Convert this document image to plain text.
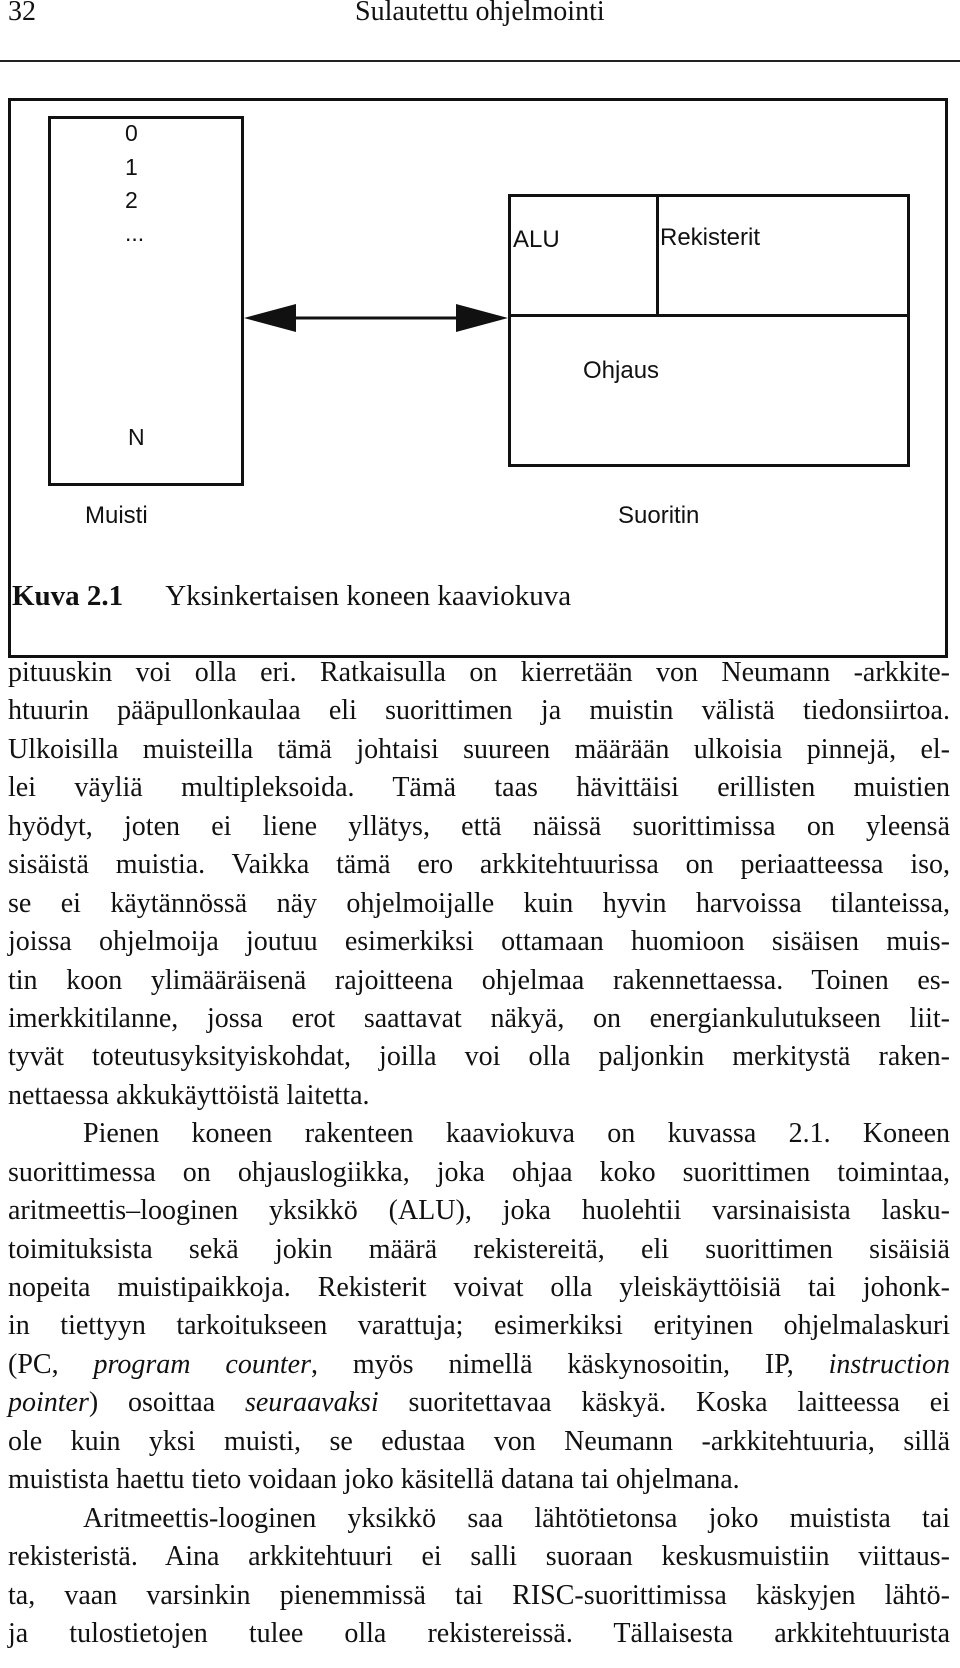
32	Sulautettu ohjelmointi
0
1
2
...
N
Muisti
ALU	Rekisterit
Ohjaus
Suoritin
Kuva 2.1 Yksinkertaisen koneen kaaviokuva
pituuskin voi olla eri. Ratkaisulla on kierretään von Neumann -arkkite-
htuurin pääpullonkaulaa eli suorittimen ja muistin välistä tiedonsiirtoa.
Ulkoisilla muisteilla tämä johtaisi suureen määrään ulkoisia pinnejä, el-
lei väyliä multipleksoida. Tämä taas hävittäisi erillisten muistien
hyödyt, joten ei liene yllätys, että näissä suorittimissa on yleensä
sisäistä muistia. Vaikka tämä ero arkkitehtuurissa on periaatteessa iso,
se ei käytännössä näy ohjelmoijalle kuin hyvin harvoissa tilanteissa,
joissa ohjelmoija joutuu esimerkiksi ottamaan huomioon sisäisen muis-
tin koon ylimääräisenä rajoitteena ohjelmaa rakennettaessa. Toinen es-
imerkkitilanne, jossa erot saattavat näkyä, on energiankulutukseen liit-
tyvät toteutusyksityiskohdat, joilla voi olla paljonkin merkitystä raken-
nettaessa akkukäyttöistä laitetta.
Pienen koneen rakenteen kaaviokuva on kuvassa 2.1. Koneen
suorittimessa on ohjauslogiikka, joka ohjaa koko suorittimen toimintaa,
aritmeettis–looginen yksikkö (ALU), joka huolehtii varsinaisista lasku-
toimituksista sekä jokin määrä rekistereitä, eli suorittimen sisäisiä
nopeita muistipaikkoja. Rekisterit voivat olla yleiskäyttöisiä tai johonk-
in tiettyyn tarkoitukseen varattuja; esimerkiksi erityinen ohjelmalaskuri
(PC, program counter, myös nimellä käskynosoitin, IP, instruction
pointer) osoittaa seuraavaksi suoritettavaa käskyä. Koska laitteessa ei
ole kuin yksi muisti, se edustaa von Neumann -arkkitehtuuria, sillä
muistista haettu tieto voidaan joko käsitellä datana tai ohjelmana.
Aritmeettis-looginen yksikkö saa lähtötietonsa joko muistista tai
rekisteristä. Aina arkkitehtuuri ei salli suoraan keskusmuistiin viittaus-
ta, vaan varsinkin pienemmissä tai RISC-suorittimissa käskyjen lähtö-
ja tulostietojen tulee olla rekistereissä. Tällaisesta arkkitehtuurista
